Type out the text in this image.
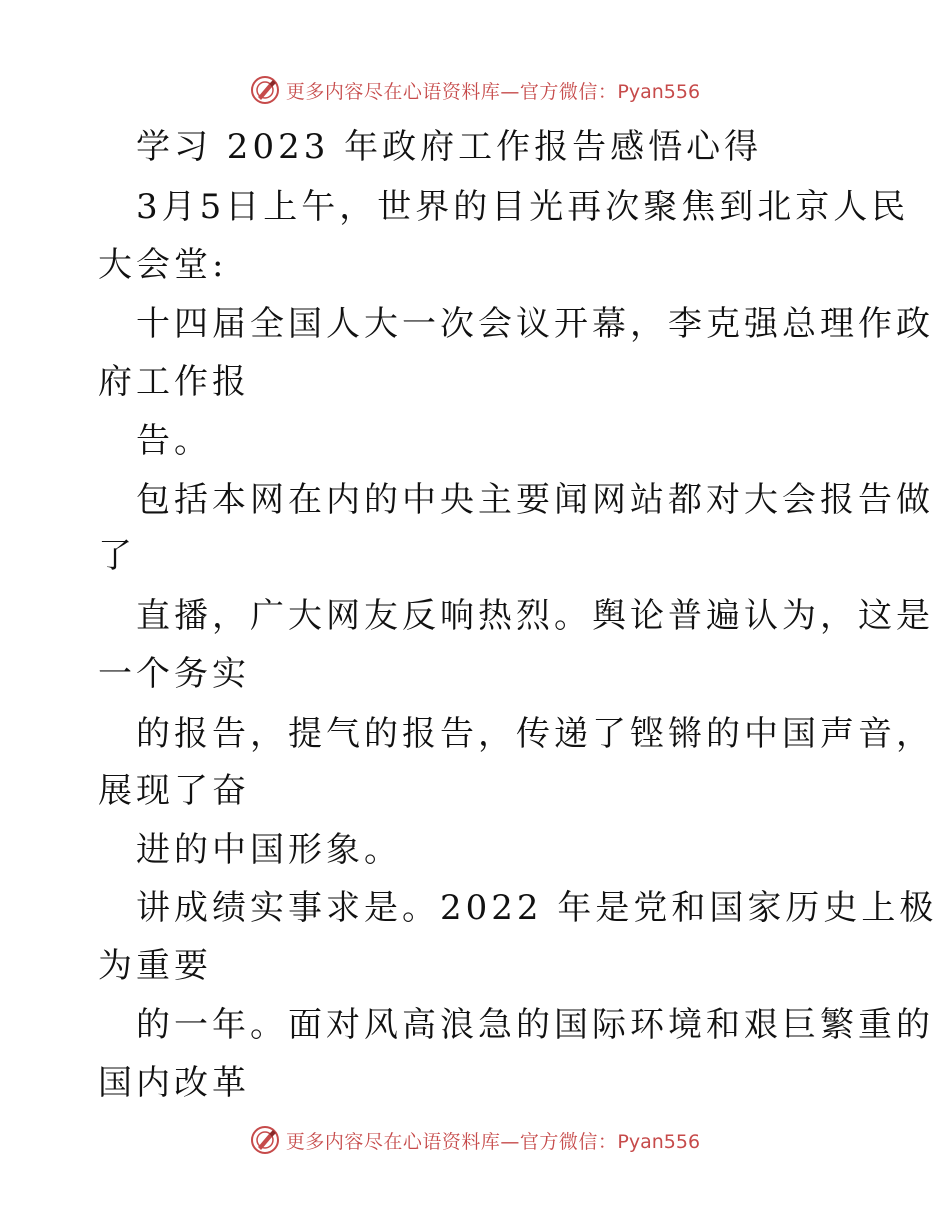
更多内容尽在心语资料库—官方微信：Pyan556
学习 2023 年政府工作报告感悟心得
3月5日上午，世界的目光再次聚焦到北京人民
大会堂:
十四届全国人大一次会议开幕，李克强总理作政
府工作报
告。
包括本网在内的中央主要闻网站都对大会报告做
了
直播，广大网友反响热烈。舆论普遍认为，这是
一个务实
的报告，提气的报告，传递了铿锵的中国声音，
展现了奋
进的中国形象。
讲成绩实事求是。2022 年是党和国家历史上极
为重要
的一年。面对风高浪急的国际环境和艰巨繁重的
国内改革
更多内容尽在心语资料库—官方微信：Pyan556
